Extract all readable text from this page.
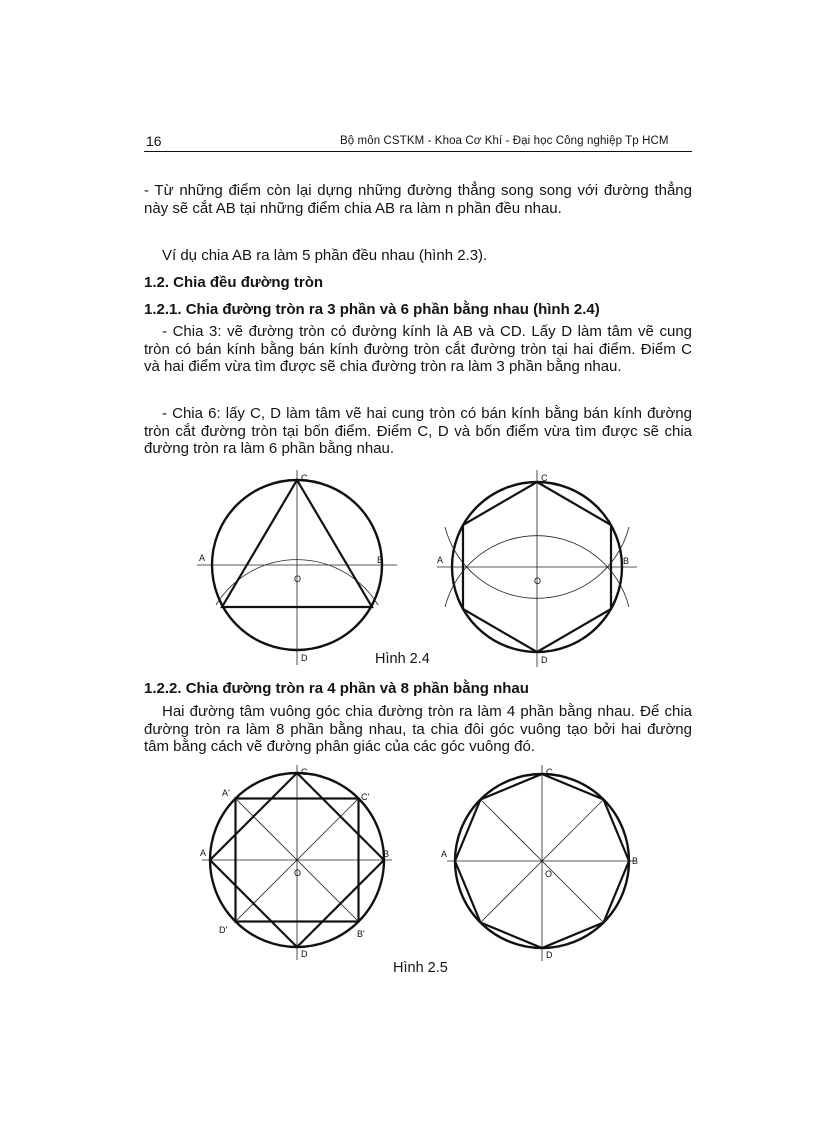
16	Bộ môn CSTKM - Khoa Cơ Khí - Đại học Công nghiệp Tp HCM
- Từ những điểm còn lại dựng những đường thẳng song song với đường thẳng này sẽ cắt AB tại những điểm chia AB ra làm n phần đều nhau.
Ví dụ chia AB ra làm 5 phần đều nhau (hình 2.3).
1.2. Chia đều đường tròn
1.2.1. Chia đường tròn ra 3 phần và 6 phần bằng nhau (hình 2.4)
- Chia 3: vẽ đường tròn có đường kính là AB và CD. Lấy D làm tâm vẽ cung tròn có bán kính bằng bán kính đường tròn cắt đường tròn tại hai điểm. Điểm C và hai điểm vừa tìm được sẽ chia đường tròn ra làm 3 phần bằng nhau.
- Chia 6: lấy C, D làm tâm vẽ hai cung tròn có bán kính bằng bán kính đường tròn cắt đường tròn tại bốn điểm. Điểm C, D và bốn điểm vừa tìm được sẽ chia đường tròn ra làm 6 phần bằng nhau.
A	B
C
D
O
A	B
C
D
O
Hình 2.4
1.2.2. Chia đường tròn ra 4 phần và 8 phần bằng nhau
Hai đường tâm vuông góc chia đường tròn ra làm 4 phần bằng nhau. Để chia đường tròn ra làm 8 phần bằng nhau, ta chia đôi góc vuông tạo bởi hai đường tâm bằng cách vẽ đường phân giác của các góc vuông đó.
A	B
C
D
O
A'	C'
D'	B'
A
B
C
D
O
Hình 2.5
